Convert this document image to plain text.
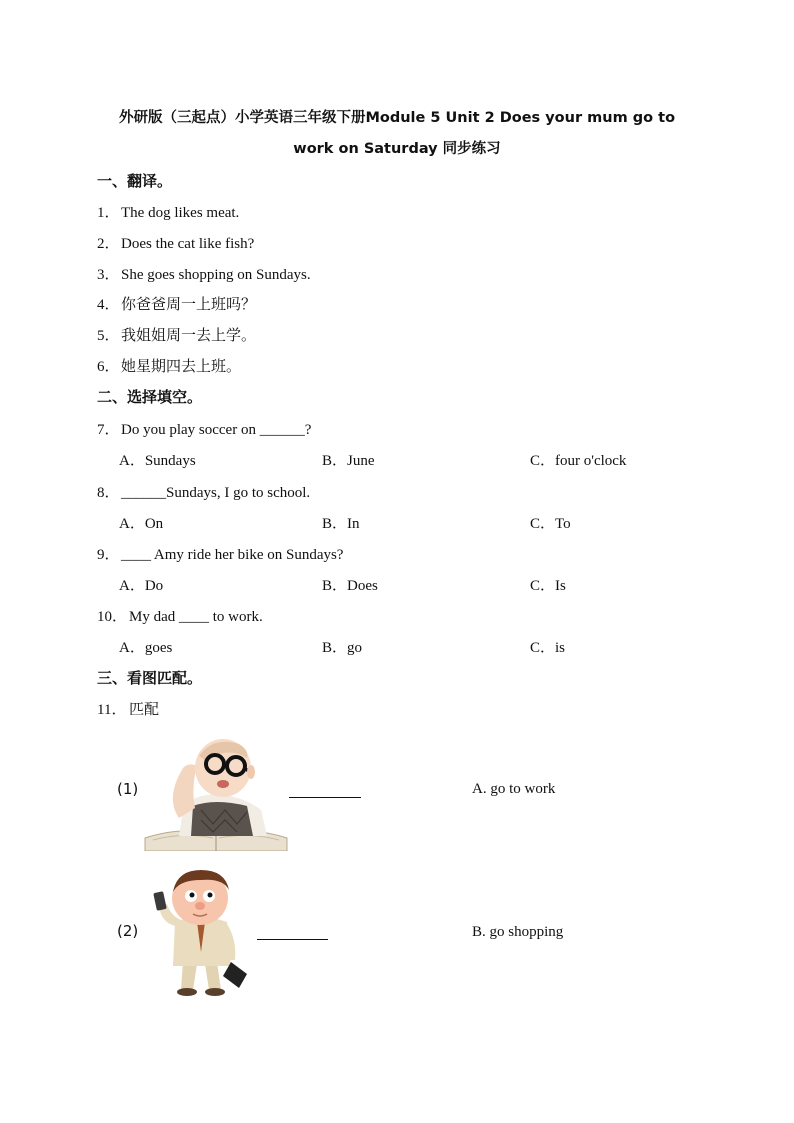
外研版（三起点）小学英语三年级下册Module 5 Unit 2 Does your mum go to
work on Saturday 同步练习
一、翻译。
1．The dog likes meat.
2．Does the cat like fish?
3．She goes shopping on Sundays.
4．你爸爸周一上班吗？
5．我姐姐周一去上学。
6．她星期四去上班。
二、选择填空。
7．Do you play soccer on ______?
A．Sundays	B．June	C．four o'clock
8．______Sundays, I go to school.
A．On	B．In	C．To
9．____ Amy ride her bike on Sundays?
A．Do	B．Does	C．Is
10． My dad ____ to work.
A．goes	B．go	C．is
三、看图匹配。
11． 匹配
(1)	A. go to work
(2)	B. go shopping
